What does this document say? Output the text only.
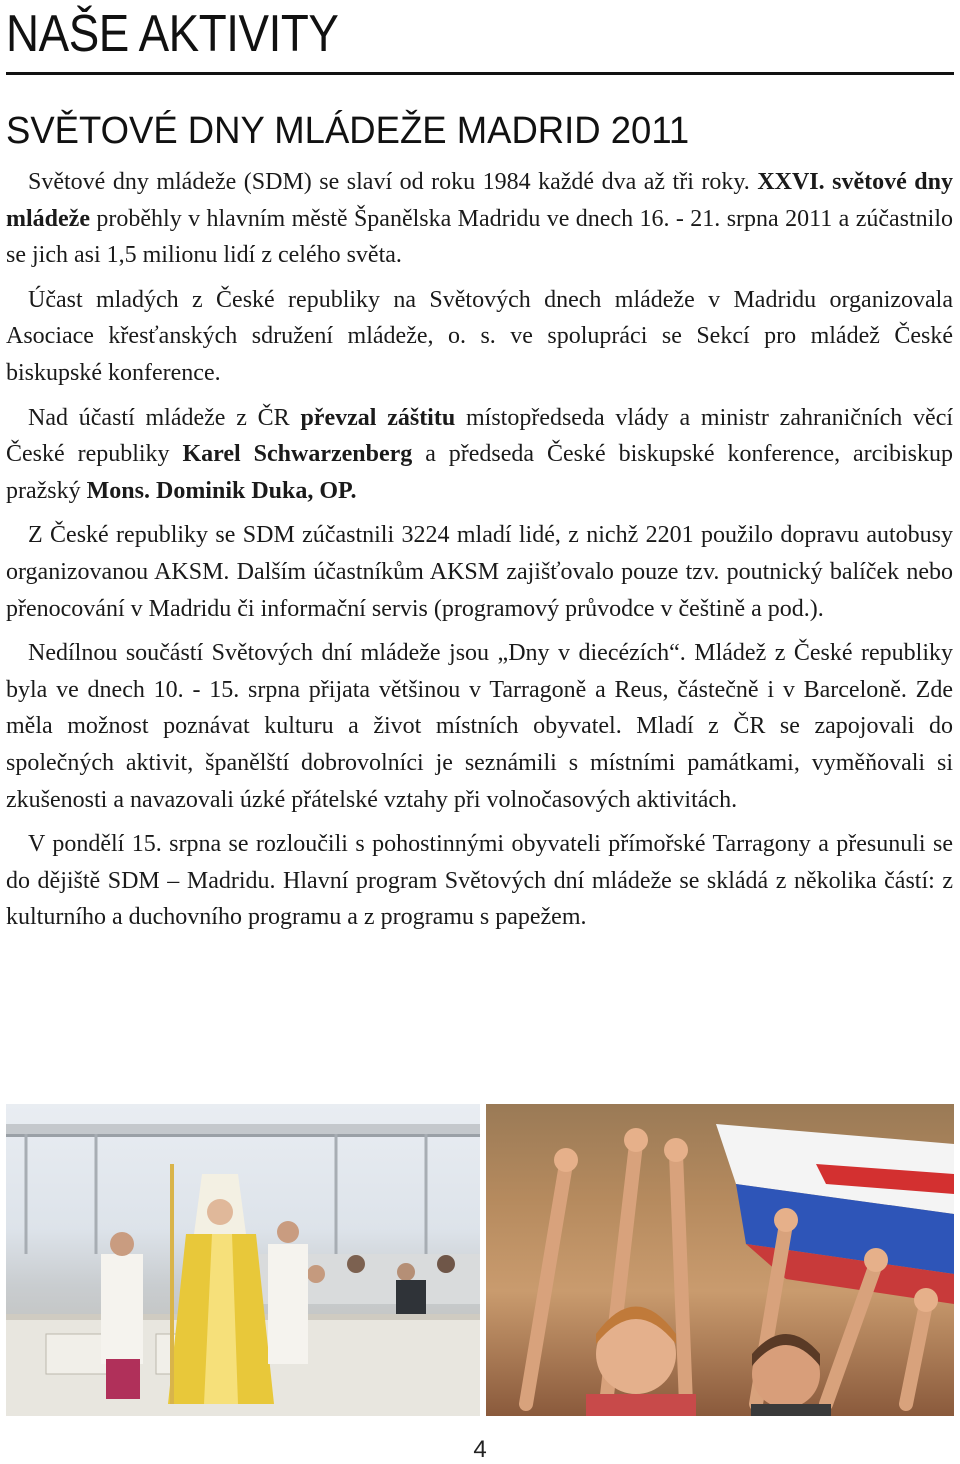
NAŠE AKTIVITY
SVĚTOVÉ DNY MLÁDEŽE MADRID 2011

Světové dny mládeže (SDM) se slaví od roku 1984 každé dva až tři roky. XXVI. světové dny mládeže proběhly v hlavním městě Španělska Madridu ve dnech 16. - 21. srpna 2011 a zúčastnilo se jich asi 1,5 milionu lidí z celého světa.

Účast mladých z České republiky na Světových dnech mládeže v Madridu organizovala Asociace křesťanských sdružení mládeže, o. s. ve spolupráci se Sekcí pro mládež České biskupské konference.

Nad účastí mládeže z ČR převzal záštitu místopředseda vlády a ministr zahraničních věcí České republiky Karel Schwarzenberg a předseda České biskupské konference, arcibiskup pražský Mons. Dominik Duka, OP.

Z České republiky se SDM zúčastnili 3224 mladí lidé, z nichž 2201 použilo dopravu autobusy organizovanou AKSM. Dalším účastníkům AKSM zajišťovalo pouze tzv. poutnický balíček nebo přenocování v Madridu či informační servis (programový průvodce v češtině a pod.).

Nedílnou součástí Světových dní mládeže jsou „Dny v diecézích“. Mládež z České republiky byla ve dnech 10. - 15. srpna přijata většinou v Tarragoně a Reus, částečně i v Barceloně. Zde měla možnost poznávat kulturu a život místních obyvatel. Mladí z ČR se zapojovali do společných aktivit, španělští dobrovolníci je seznámili s místními památkami, vyměňovali si zkušenosti a navazovali úzké přátelské vztahy při volnočasových aktivitách.

V pondělí 15. srpna se rozloučili s pohostinnými obyvateli přímořské Tarragony a přesunuli se do dějiště SDM – Madridu. Hlavní program Světových dní mládeže se skládá z několika částí: z kulturního a duchovního programu a z programu s papežem.

4
